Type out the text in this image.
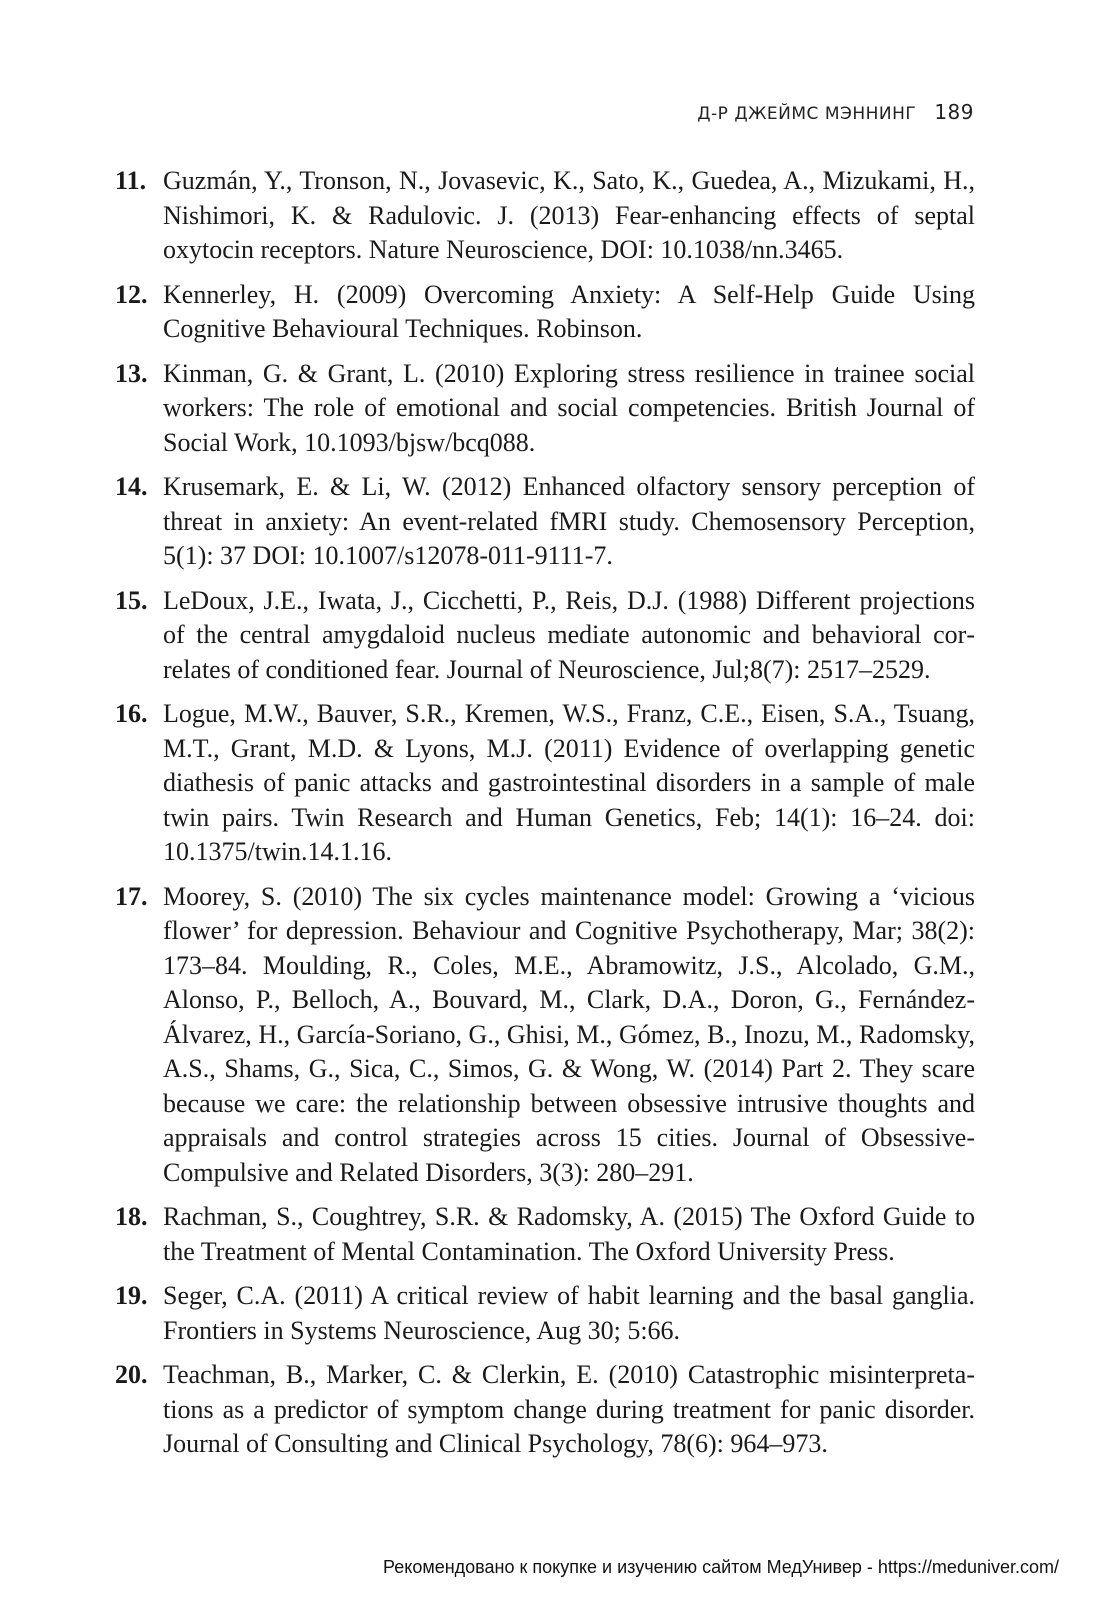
Д-Р ДЖЕЙМС МЭННИНГ 189
11. Guzmán, Y., Tronson, N., Jovasevic, K., Sato, K., Guedea, A., Mizukami, H., Nishimori, K. & Radulovic. J. (2013) Fear-enhancing effects of septal oxytocin receptors. Nature Neuroscience, DOI: 10.1038/nn.3465.
12. Kennerley, H. (2009) Overcoming Anxiety: A Self-Help Guide Using Cognitive Behavioural Techniques. Robinson.
13. Kinman, G. & Grant, L. (2010) Exploring stress resilience in trainee social workers: The role of emotional and social competencies. British Journal of Social Work, 10.1093/bjsw/bcq088.
14. Krusemark, E. & Li, W. (2012) Enhanced olfactory sensory perception of threat in anxiety: An event-related fMRI study. Chemosensory Perception, 5(1): 37 DOI: 10.1007/s12078-011-9111-7.
15. LeDoux, J.E., Iwata, J., Cicchetti, P., Reis, D.J. (1988) Different projections of the central amygdaloid nucleus mediate autonomic and behavioral correlates of conditioned fear. Journal of Neuroscience, Jul;8(7): 2517–2529.
16. Logue, M.W., Bauver, S.R., Kremen, W.S., Franz, C.E., Eisen, S.A., Tsuang, M.T., Grant, M.D. & Lyons, M.J. (2011) Evidence of overlapping genetic diathesis of panic attacks and gastrointestinal disorders in a sample of male twin pairs. Twin Research and Human Genetics, Feb; 14(1): 16–24. doi: 10.1375/twin.14.1.16.
17. Moorey, S. (2010) The six cycles maintenance model: Growing a ‘vicious flower’ for depression. Behaviour and Cognitive Psychotherapy, Mar; 38(2): 173–84. Moulding, R., Coles, M.E., Abramowitz, J.S., Alcolado, G.M., Alonso, P., Belloch, A., Bouvard, M., Clark, D.A., Doron, G., Fernández-Álvarez, H., García-Soriano, G., Ghisi, M., Gómez, B., Inozu, M., Radomsky, A.S., Shams, G., Sica, C., Simos, G. & Wong, W. (2014) Part 2. They scare because we care: the relationship between obsessive intrusive thoughts and appraisals and control strategies across 15 cities. Journal of Obsessive-Compulsive and Related Disorders, 3(3): 280–291.
18. Rachman, S., Coughtrey, S.R. & Radomsky, A. (2015) The Oxford Guide to the Treatment of Mental Contamination. The Oxford University Press.
19. Seger, C.A. (2011) A critical review of habit learning and the basal ganglia. Frontiers in Systems Neuroscience, Aug 30; 5:66.
20. Teachman, B., Marker, C. & Clerkin, E. (2010) Catastrophic misinterpretations as a predictor of symptom change during treatment for panic disorder. Journal of Consulting and Clinical Psychology, 78(6): 964–973.
Рекомендовано к покупке и изучению сайтом МедУнивер - https://meduniver.com/
